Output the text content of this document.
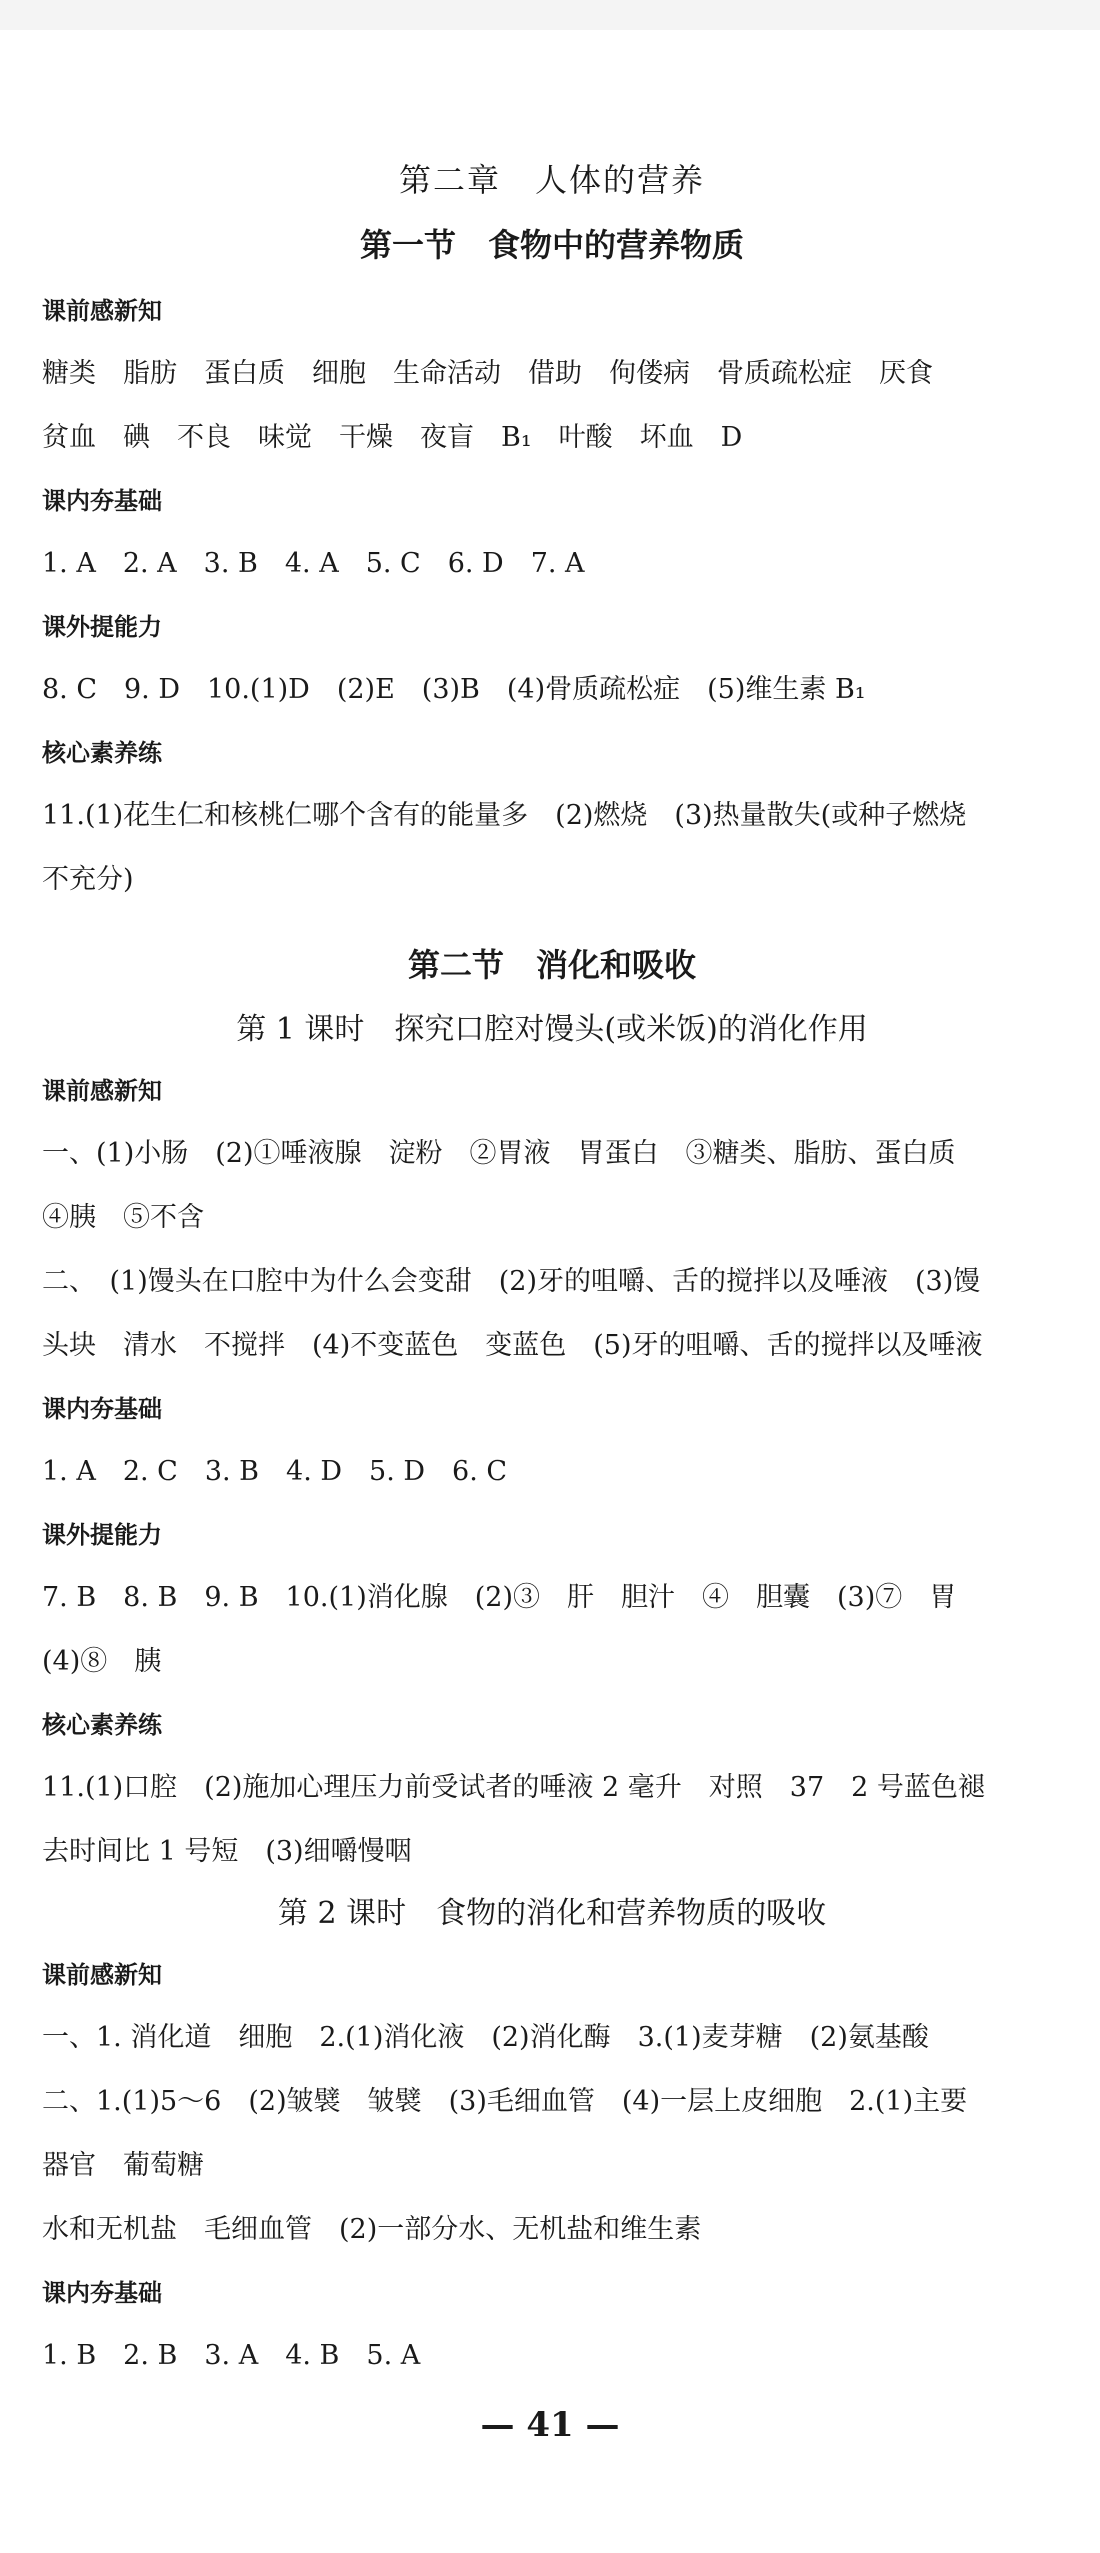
第二章　人体的营养
第一节　食物中的营养物质
课前感新知
糖类　脂肪　蛋白质　细胞　生命活动　借助　佝偻病　骨质疏松症　厌食
贫血　碘　不良　味觉　干燥　夜盲　B₁　叶酸　坏血　D
课内夯基础
1. A　2. A　3. B　4. A　5. C　6. D　7. A
课外提能力
8. C　9. D　10.(1)D　(2)E　(3)B　(4)骨质疏松症　(5)维生素 B₁
核心素养练
11.(1)花生仁和核桃仁哪个含有的能量多　(2)燃烧　(3)热量散失(或种子燃烧
不充分)
第二节　消化和吸收
第 1 课时　探究口腔对馒头(或米饭)的消化作用
课前感新知
一、(1)小肠　(2)①唾液腺　淀粉　②胃液　胃蛋白　③糖类、脂肪、蛋白质
④胰　⑤不含
二、　(1)馒头在口腔中为什么会变甜　(2)牙的咀嚼、舌的搅拌以及唾液　(3)馒
头块　清水　不搅拌　(4)不变蓝色　变蓝色　(5)牙的咀嚼、舌的搅拌以及唾液
课内夯基础
1. A　2. C　3. B　4. D　5. D　6. C
课外提能力
7. B　8. B　9. B　10.(1)消化腺　(2)③　肝　胆汁　④　胆囊　(3)⑦　胃
(4)⑧　胰
核心素养练
11.(1)口腔　(2)施加心理压力前受试者的唾液 2 毫升　对照　37　2 号蓝色褪
去时间比 1 号短　(3)细嚼慢咽
第 2 课时　食物的消化和营养物质的吸收
课前感新知
一、1. 消化道　细胞　2.(1)消化液　(2)消化酶　3.(1)麦芽糖　(2)氨基酸
二、1.(1)5～6　(2)皱襞　皱襞　(3)毛细血管　(4)一层上皮细胞　2.(1)主要
器官　葡萄糖
水和无机盐　毛细血管　(2)一部分水、无机盐和维生素
课内夯基础
1. B　2. B　3. A　4. B　5. A
— 41 —
